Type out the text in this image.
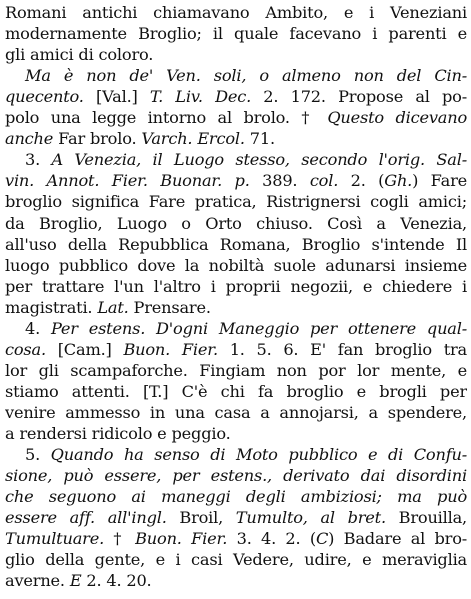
Romani antichi chiamavano Ambito, e i Veneziani
modernamente Broglio; il quale facevano i parenti e
gli amici di coloro.
Ma è non de' Ven. soli, o almeno non del Cin-
quecento. [Val.] T. Liv. Dec. 2. 172. Propose al po-
polo una legge intorno al brolo. † Questo dicevano
anche Far brolo. Varch. Ercol. 71.
3. A Venezia, il Luogo stesso, secondo l'orig. Sal-
vin. Annot. Fier. Buonar. p. 389. col. 2. (Gh.) Fare
broglio significa Fare pratica, Ristrignersi cogli amici;
da Broglio, Luogo o Orto chiuso. Così a Venezia,
all'uso della Repubblica Romana, Broglio s'intende Il
luogo pubblico dove la nobiltà suole adunarsi insieme
per trattare l'un l'altro i proprii negozii, e chiedere i
magistrati. Lat. Prensare.
4. Per estens. D'ogni Maneggio per ottenere qual-
cosa. [Cam.] Buon. Fier. 1. 5. 6. E' fan broglio tra
lor gli scampaforche. Fingiam non por lor mente, e
stiamo attenti. [T.] C'è chi fa broglio e brogli per
venire ammesso in una casa a annojarsi, a spendere,
a rendersi ridicolo e peggio.
5. Quando ha senso di Moto pubblico e di Confu-
sione, può essere, per estens., derivato dai disordini
che seguono ai maneggi degli ambiziosi; ma può
essere aff. all'ingl. Broil, Tumulto, al bret. Brouilla,
Tumultuare. † Buon. Fier. 3. 4. 2. (C) Badare al bro-
glio della gente, e i casi Vedere, udire, e meraviglia
averne. E 2. 4. 20.
